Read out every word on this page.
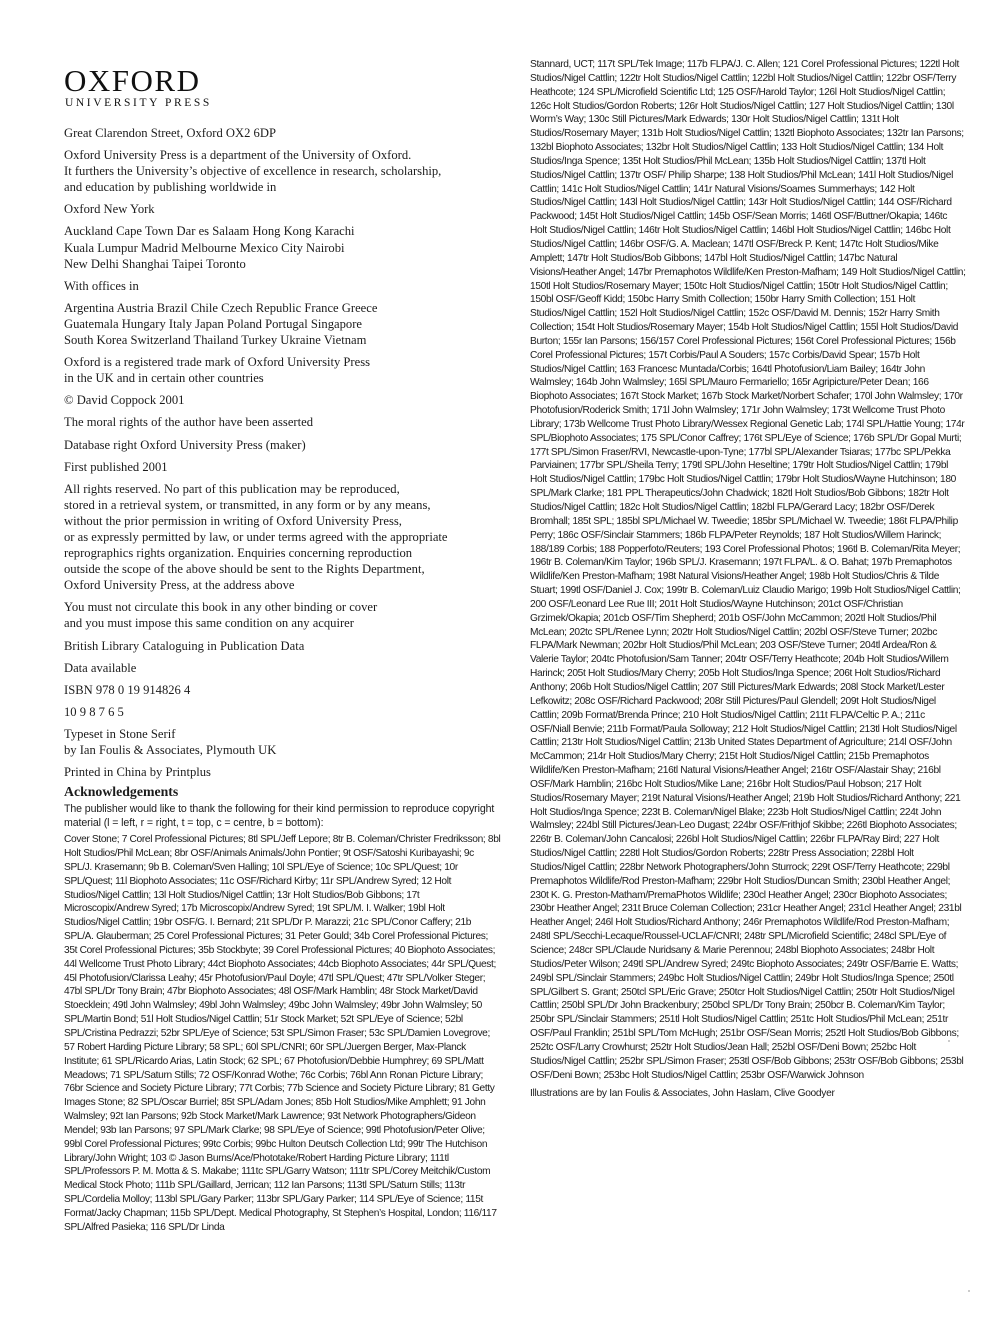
OXFORD
UNIVERSITY PRESS

Great Clarendon Street, Oxford OX2 6DP

Oxford University Press is a department of the University of Oxford.
It furthers the University’s objective of excellence in research, scholarship,
and education by publishing worldwide in

Oxford New York

Auckland Cape Town Dar es Salaam Hong Kong Karachi
Kuala Lumpur Madrid Melbourne Mexico City Nairobi
New Delhi Shanghai Taipei Toronto

With offices in

Argentina Austria Brazil Chile Czech Republic France Greece
Guatemala Hungary Italy Japan Poland Portugal Singapore
South Korea Switzerland Thailand Turkey Ukraine Vietnam

Oxford is a registered trade mark of Oxford University Press
in the UK and in certain other countries

© David Coppock 2001

The moral rights of the author have been asserted

Database right Oxford University Press (maker)

First published 2001

All rights reserved. No part of this publication may be reproduced,
stored in a retrieval system, or transmitted, in any form or by any means,
without the prior permission in writing of Oxford University Press,
or as expressly permitted by law, or under terms agreed with the appropriate
reprographics rights organization. Enquiries concerning reproduction
outside the scope of the above should be sent to the Rights Department,
Oxford University Press, at the address above

You must not circulate this book in any other binding or cover
and you must impose this same condition on any acquirer

British Library Cataloguing in Publication Data

Data available

ISBN 978 0 19 914826 4

10 9 8 7 6 5

Typeset in Stone Serif
by Ian Foulis & Associates, Plymouth UK

Printed in China by Printplus

Acknowledgements

The publisher would like to thank the following for their kind permission to reproduce copyright material (l = left, r = right, t = top, c = centre, b = bottom):

Cover Stone; 7 Corel Professional Pictures; 8tl SPL/Jeff Lepore; 8tr B. Coleman/Christer Fredriksson; 8bl Holt Studios/Phil McLean; 8br OSF/Animals Animals/John Pontier; 9t OSF/Satoshi Kuribayashi; 9c SPL/J. Krasemann; 9b B. Coleman/Sven Halling; 10l SPL/Eye of Science; 10c SPL/Quest; 10r SPL/Quest; 11l Biophoto Associates; 11c OSF/Richard Kirby; 11r SPL/Andrew Syred; 12 Holt Studios/Nigel Cattlin; 13l Holt Studios/Nigel Cattlin; 13r Holt Studios/Bob Gibbons; 17t Microscopix/Andrew Syred; 17b Microscopix/Andrew Syred; 19t SPL/M. I. Walker; 19bl Holt Studios/Nigel Cattlin; 19br OSF/G. I. Bernard; 21t SPL/Dr P. Marazzi; 21c SPL/Conor Caffery; 21b SPL/A. Glauberman; 25 Corel Professional Pictures; 31 Peter Gould; 34b Corel Professional Pictures; 35t Corel Professional Pictures; 35b Stockbyte; 39 Corel Professional Pictures; 40 Biophoto Associates; 44l Wellcome Trust Photo Library; 44ct Biophoto Associates; 44cb Biophoto Associates; 44r SPL/Quest; 45l Photofusion/Clarissa Leahy; 45r Photofusion/Paul Doyle; 47tl SPL/Quest; 47tr SPL/Volker Steger; 47bl SPL/Dr Tony Brain; 47br Biophoto Associates; 48l OSF/Mark Hamblin; 48r Stock Market/David Stoecklein; 49tl John Walmsley; 49bl John Walmsley; 49bc John Walmsley; 49br John Walmsley; 50 SPL/Martin Bond; 51l Holt Studios/Nigel Cattlin; 51r Stock Market; 52t SPL/Eye of Science; 52bl SPL/Cristina Pedrazzi; 52br SPL/Eye of Science; 53t SPL/Simon Fraser; 53c SPL/Damien Lovegrove; 57 Robert Harding Picture Library; 58 SPL; 60l SPL/CNRI; 60r SPL/Juergen Berger, Max-Planck Institute; 61 SPL/Ricardo Arias, Latin Stock; 62 SPL; 67 Photofusion/Debbie Humphrey; 69 SPL/Matt Meadows; 71 SPL/Saturn Stills; 72 OSF/Konrad Wothe; 76c Corbis; 76bl Ann Ronan Picture Library; 76br Science and Society Picture Library; 77t Corbis; 77b Science and Society Picture Library; 81 Getty Images Stone; 82 SPL/Oscar Burriel; 85t SPL/Adam Jones; 85b Holt Studios/Mike Amphlett; 91 John Walmsley; 92t Ian Parsons; 92b Stock Market/Mark Lawrence; 93t Network Photographers/Gideon Mendel; 93b Ian Parsons; 97 SPL/Mark Clarke; 98 SPL/Eye of Science; 99tl Photofusion/Peter Olive; 99bl Corel Professional Pictures; 99tc Corbis; 99bc Hulton Deutsch Collection Ltd; 99tr The Hutchison Library/John Wright; 103 © Jason Burns/Ace/Phototake/Robert Harding Picture Library; 111tl SPL/Professors P. M. Motta & S. Makabe; 111tc SPL/Garry Watson; 111tr SPL/Corey Meitchik/Custom Medical Stock Photo; 111b SPL/Gaillard, Jerrican; 112 Ian Parsons; 113tl SPL/Saturn Stills; 113tr SPL/Cordelia Molloy; 113bl SPL/Gary Parker; 113br SPL/Gary Parker; 114 SPL/Eye of Science; 115t Format/Jacky Chapman; 115b SPL/Dept. Medical Photography, St Stephen’s Hospital, London; 116/117 SPL/Alfred Pasieka; 116 SPL/Dr Linda

Stannard, UCT; 117t SPL/Tek Image; 117b FLPA/J. C. Allen; 121 Corel Professional Pictures; 122tl Holt Studios/Nigel Cattlin; 122tr Holt Studios/Nigel Cattlin; 122bl Holt Studios/Nigel Cattlin; 122br OSF/Terry Heathcote; 124 SPL/Microfield Scientific Ltd; 125 OSF/Harold Taylor; 126l Holt Studios/Nigel Cattlin; 126c Holt Studios/Gordon Roberts; 126r Holt Studios/Nigel Cattlin; 127 Holt Studios/Nigel Cattlin; 130l Worm’s Way; 130c Still Pictures/Mark Edwards; 130r Holt Studios/Nigel Cattlin; 131t Holt Studios/Rosemary Mayer; 131b Holt Studios/Nigel Cattlin; 132tl Biophoto Associates; 132tr Ian Parsons; 132bl Biophoto Associates; 132br Holt Studios/Nigel Cattlin; 133 Holt Studios/Nigel Cattlin; 134 Holt Studios/Inga Spence; 135t Holt Studios/Phil McLean; 135b Holt Studios/Nigel Cattlin; 137tl Holt Studios/Nigel Cattlin; 137tr OSF/ Philip Sharpe; 138 Holt Studios/Phil McLean; 141l Holt Studios/Nigel Cattlin; 141c Holt Studios/Nigel Cattlin; 141r Natural Visions/Soames Summerhays; 142 Holt Studios/Nigel Cattlin; 143l Holt Studios/Nigel Cattlin; 143r Holt Studios/Nigel Cattlin; 144 OSF/Richard Packwood; 145t Holt Studios/Nigel Cattlin; 145b OSF/Sean Morris; 146tl OSF/Buttner/Okapia; 146tc Holt Studios/Nigel Cattlin; 146tr Holt Studios/Nigel Cattlin; 146bl Holt Studios/Nigel Cattlin; 146bc Holt Studios/Nigel Cattlin; 146br OSF/G. A. Maclean; 147tl OSF/Breck P. Kent; 147tc Holt Studios/Mike Amplett; 147tr Holt Studios/Bob Gibbons; 147bl Holt Studios/Nigel Cattlin; 147bc Natural Visions/Heather Angel; 147br Premaphotos Wildlife/Ken Preston-Mafham; 149 Holt Studios/Nigel Cattlin; 150tl Holt Studios/Rosemary Mayer; 150tc Holt Studios/Nigel Cattlin; 150tr Holt Studios/Nigel Cattlin; 150bl OSF/Geoff Kidd; 150bc Harry Smith Collection; 150br Harry Smith Collection; 151 Holt Studios/Nigel Cattlin; 152l Holt Studios/Nigel Cattlin; 152c OSF/David M. Dennis; 152r Harry Smith Collection; 154t Holt Studios/Rosemary Mayer; 154b Holt Studios/Nigel Cattlin; 155l Holt Studios/David Burton; 155r Ian Parsons; 156/157 Corel Professional Pictures; 156t Corel Professional Pictures; 156b Corel Professional Pictures; 157t Corbis/Paul A Souders; 157c Corbis/David Spear; 157b Holt Studios/Nigel Cattlin; 163 Francesc Muntada/Corbis; 164tl Photofusion/Liam Bailey; 164tr John Walmsley; 164b John Walmsley; 165l SPL/Mauro Fermariello; 165r Agripicture/Peter Dean; 166 Biophoto Associates; 167t Stock Market; 167b Stock Market/Norbert Schafer; 170l John Walmsley; 170r Photofusion/Roderick Smith; 171l John Walmsley; 171r John Walmsley; 173t Wellcome Trust Photo Library; 173b Wellcome Trust Photo Library/Wessex Regional Genetic Lab; 174l SPL/Hattie Young; 174r SPL/Biophoto Associates; 175 SPL/Conor Caffrey; 176t SPL/Eye of Science; 176b SPL/Dr Gopal Murti; 177t SPL/Simon Fraser/RVI, Newcastle-upon-Tyne; 177bl SPL/Alexander Tsiaras; 177bc SPL/Pekka Parviainen; 177br SPL/Sheila Terry; 179tl SPL/John Heseltine; 179tr Holt Studios/Nigel Cattlin; 179bl Holt Studios/Nigel Cattlin; 179bc Holt Studios/Nigel Cattlin; 179br Holt Studios/Wayne Hutchinson; 180 SPL/Mark Clarke; 181 PPL Therapeutics/John Chadwick; 182tl Holt Studios/Bob Gibbons; 182tr Holt Studios/Nigel Cattlin; 182c Holt Studios/Nigel Cattlin; 182bl FLPA/Gerard Lacy; 182br OSF/Derek Bromhall; 185t SPL; 185bl SPL/Michael W. Tweedie; 185br SPL/Michael W. Tweedie; 186t FLPA/Philip Perry; 186c OSF/Sinclair Stammers; 186b FLPA/Peter Reynolds; 187 Holt Studios/Willem Harinck; 188/189 Corbis; 188 Popperfoto/Reuters; 193 Corel Professional Photos; 196tl B. Coleman/Rita Meyer; 196tr B. Coleman/Kim Taylor; 196b SPL/J. Krasemann; 197t FLPA/L. & O. Bahat; 197b Premaphotos Wildlife/Ken Preston-Mafham; 198t Natural Visions/Heather Angel; 198b Holt Studios/Chris & Tilde Stuart; 199tl OSF/Daniel J. Cox; 199tr B. Coleman/Luiz Claudio Marigo; 199b Holt Studios/Nigel Cattlin; 200 OSF/Leonard Lee Rue III; 201t Holt Studios/Wayne Hutchinson; 201ct OSF/Christian Grzimek/Okapia; 201cb OSF/Tim Shepherd; 201b OSF/John McCammon; 202tl Holt Studios/Phil McLean; 202tc SPL/Renee Lynn; 202tr Holt Studios/Nigel Cattlin; 202bl OSF/Steve Turner; 202bc FLPA/Mark Newman; 202br Holt Studios/Phil McLean; 203 OSF/Steve Turner; 204tl Ardea/Ron & Valerie Taylor; 204tc Photofusion/Sam Tanner; 204tr OSF/Terry Heathcote; 204b Holt Studios/Willem Harinck; 205t Holt Studios/Mary Cherry; 205b Holt Studios/Inga Spence; 206t Holt Studios/Richard Anthony; 206b Holt Studios/Nigel Cattlin; 207 Still Pictures/Mark Edwards; 208l Stock Market/Lester Lefkowitz; 208c OSF/Richard Packwood; 208r Still Pictures/Paul Glendell; 209t Holt Studios/Nigel Cattlin; 209b Format/Brenda Prince; 210 Holt Studios/Nigel Cattlin; 211t FLPA/Celtic P. A.; 211c OSF/Niall Benvie; 211b Format/Paula Solloway; 212 Holt Studios/Nigel Cattlin; 213tl Holt Studios/Nigel Cattlin; 213tr Holt Studios/Nigel Cattlin; 213b United States Department of Agriculture; 214l OSF/John McCammon; 214r Holt Studios/Mary Cherry; 215t Holt Studios/Nigel Cattlin; 215b Premaphotos Wildlife/Ken Preston-Mafham; 216tl Natural Visions/Heather Angel; 216tr OSF/Alastair Shay; 216bl OSF/Mark Hamblin; 216bc Holt Studios/Mike Lane; 216br Holt Studios/Paul Hobson; 217 Holt Studios/Rosemary Mayer; 219t Natural Visions/Heather Angel; 219b Holt Studios/Richard Anthony; 221 Holt Studios/Inga Spence; 223t B. Coleman/Nigel Blake; 223b Holt Studios/Nigel Cattlin; 224t John Walmsley; 224bl Still Pictures/Jean-Leo Dugast; 224br OSF/Frithjof Skibbe; 226tl Biophoto Associates; 226tr B. Coleman/John Cancalosi; 226bl Holt Studios/Nigel Cattlin; 226br FLPA/Ray Bird; 227 Holt Studios/Nigel Cattlin; 228tl Holt Studios/Gordon Roberts; 228tr Press Association; 228bl Holt Studios/Nigel Cattlin; 228br Network Photographers/John Sturrock; 229t OSF/Terry Heathcote; 229bl Premaphotos Wildlife/Rod Preston-Mafham; 229br Holt Studios/Duncan Smith; 230bl Heather Angel; 230t K. G. Preston-Matham/PremaPhotos Wildlife; 230cl Heather Angel; 230cr Biophoto Associates; 230br Heather Angel; 231t Bruce Coleman Collection; 231cr Heather Angel; 231cl Heather Angel; 231bl Heather Angel; 246l Holt Studios/Richard Anthony; 246r Premaphotos Wildlife/Rod Preston-Mafham; 248tl SPL/Secchi-Lecaque/Roussel-UCLAF/CNRI; 248tr SPL/Microfield Scientific; 248cl SPL/Eye of Science; 248cr SPL/Claude Nuridsany & Marie Perennou; 248bl Biophoto Associates; 248br Holt Studios/Peter Wilson; 249tl SPL/Andrew Syred; 249tc Biophoto Associates; 249tr OSF/Barrie E. Watts; 249bl SPL/Sinclair Stammers; 249bc Holt Studios/Nigel Cattlin; 249br Holt Studios/Inga Spence; 250tl SPL/Gilbert S. Grant; 250tcl SPL/Eric Grave; 250tcr Holt Studios/Nigel Cattlin; 250tr Holt Studios/Nigel Cattlin; 250bl SPL/Dr John Brackenbury; 250bcl SPL/Dr Tony Brain; 250bcr B. Coleman/Kim Taylor; 250br SPL/Sinclair Stammers; 251tl Holt Studios/Nigel Cattlin; 251tc Holt Studios/Phil McLean; 251tr OSF/Paul Franklin; 251bl SPL/Tom McHugh; 251br OSF/Sean Morris; 252tl Holt Studios/Bob Gibbons; 252tc OSF/Larry Crowhurst; 252tr Holt Studios/Jean Hall; 252bl OSF/Deni Bown; 252bc Holt Studios/Nigel Cattlin; 252br SPL/Simon Fraser; 253tl OSF/Bob Gibbons; 253tr OSF/Bob Gibbons; 253bl OSF/Deni Bown; 253bc Holt Studios/Nigel Cattlin; 253br OSF/Warwick Johnson

Illustrations are by Ian Foulis & Associates, John Haslam, Clive Goodyer
